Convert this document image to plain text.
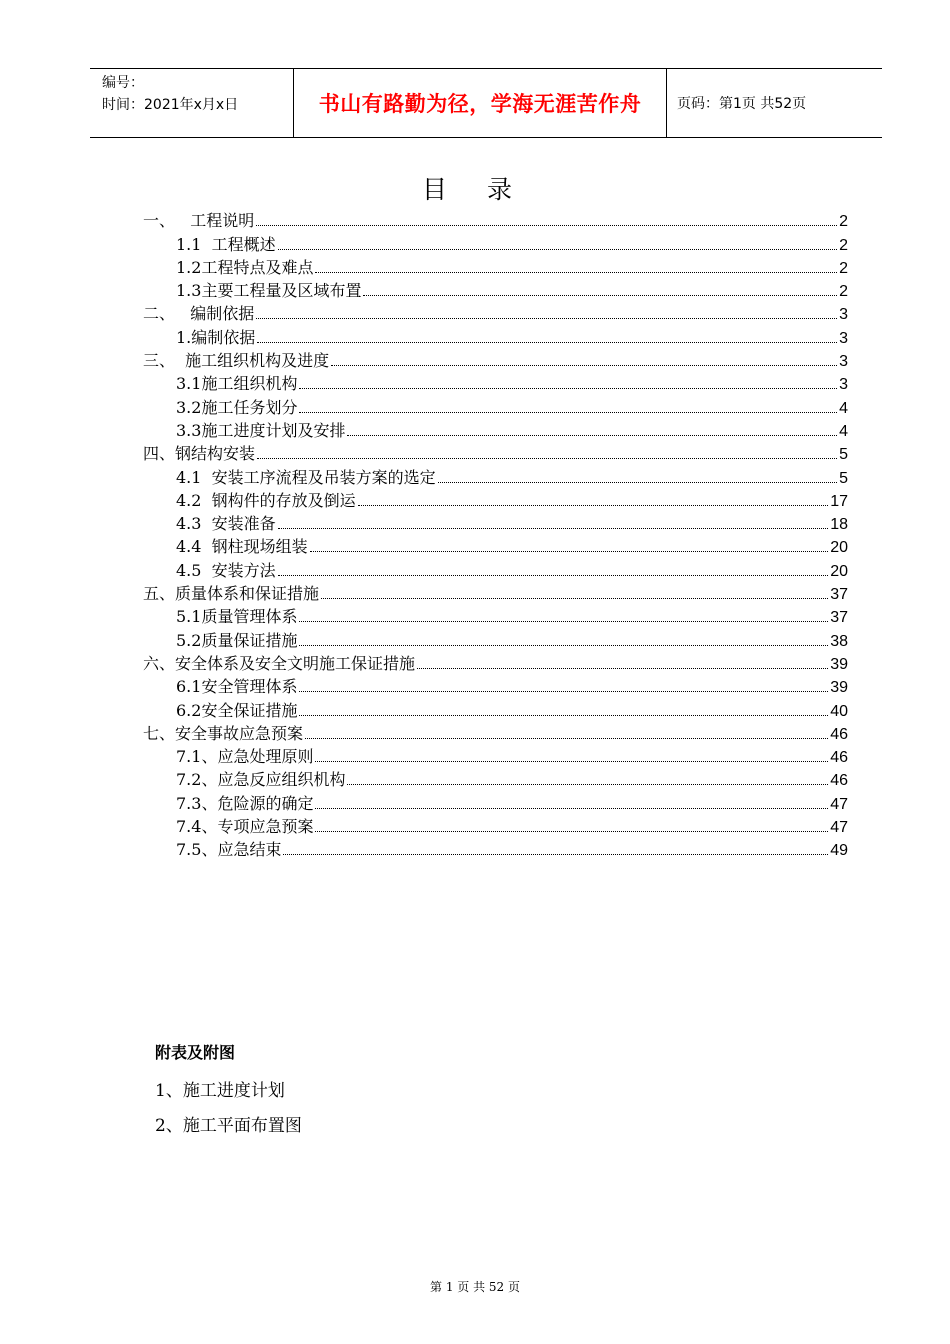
编号：
时间：2021年x月x日	书山有路勤为径，学海无涯苦作舟	页码：第1页 共52页
目 录
一、   工程说明	2
1.1  工程概述	2
1.2工程特点及难点	2
1.3主要工程量及区域布置	2
二、   编制依据	3
1.编制依据	3
三、  施工组织机构及进度	3
3.1施工组织机构	3
3.2施工任务划分	4
3.3施工进度计划及安排	4
四、钢结构安装	5
4.1  安装工序流程及吊装方案的选定	5
4.2  钢构件的存放及倒运	17
4.3  安装准备	18
4.4  钢柱现场组装	20
4.5  安装方法	20
五、质量体系和保证措施	37
5.1质量管理体系	37
5.2质量保证措施	38
六、安全体系及安全文明施工保证措施	39
6.1安全管理体系	39
6.2安全保证措施	40
七、安全事故应急预案	46
7.1、应急处理原则	46
7.2、应急反应组织机构	46
7.3、危险源的确定	47
7.4、专项应急预案	47
7.5、应急结束	49
附表及附图
1、施工进度计划
2、施工平面布置图
第 1 页 共 52 页
